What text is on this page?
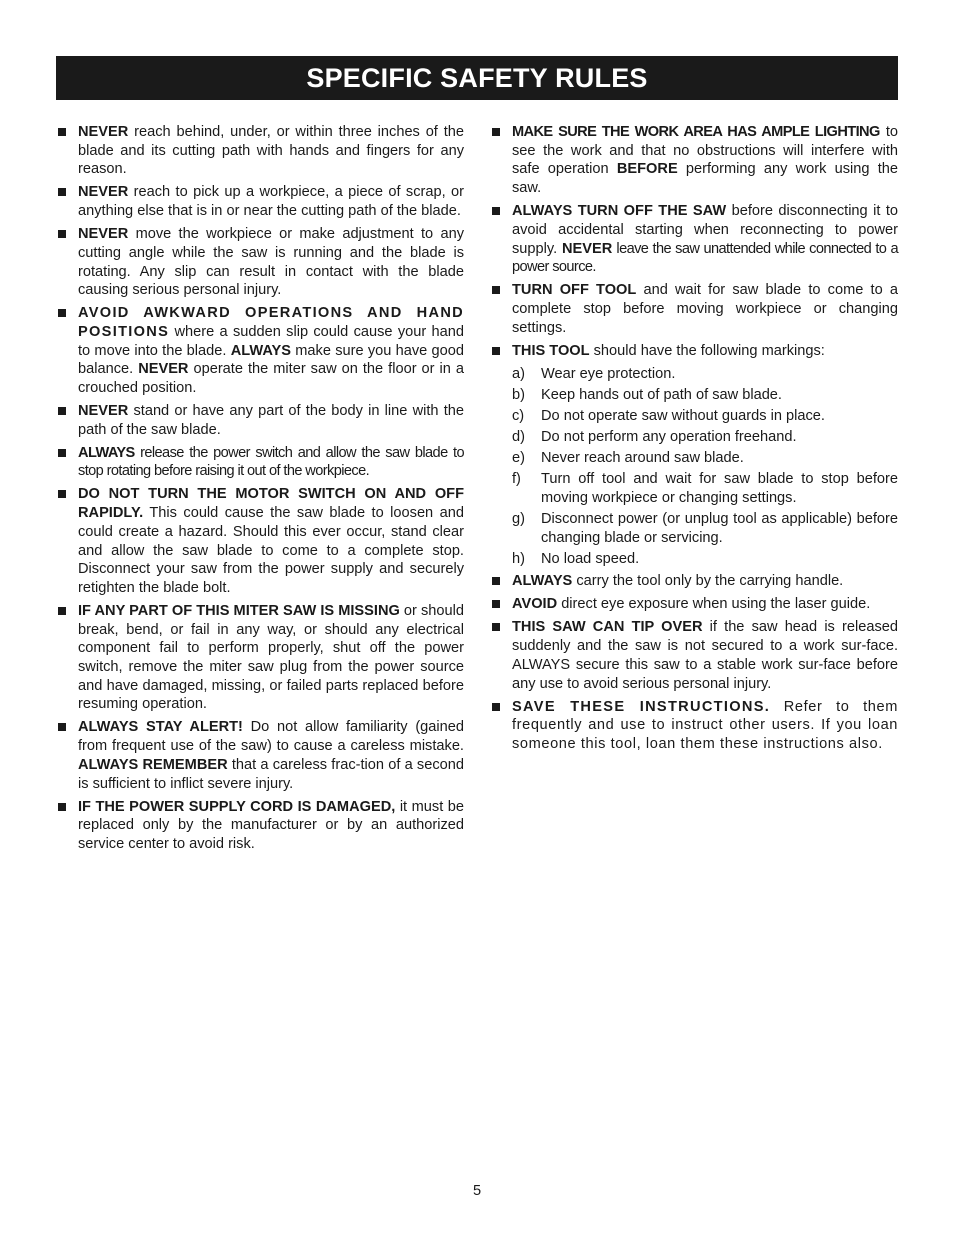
SPECIFIC SAFETY RULES
NEVER reach behind, under, or within three inches of the blade and its cutting path with hands and fingers for any reason.
NEVER reach to pick up a workpiece, a piece of scrap, or anything else that is in or near the cutting path of the blade.
NEVER move the workpiece or make adjustment to any cutting angle while the saw is running and the blade is rotating. Any slip can result in contact with the blade causing serious personal injury.
AVOID AWKWARD OPERATIONS AND HAND POSITIONS where a sudden slip could cause your hand to move into the blade. ALWAYS make sure you have good balance. NEVER operate the miter saw on the floor or in a crouched position.
NEVER stand or have any part of the body in line with the path of the saw blade.
ALWAYS release the power switch and allow the saw blade to stop rotating before raising it out of the workpiece.
DO NOT TURN THE MOTOR SWITCH ON AND OFF RAPIDLY. This could cause the saw blade to loosen and could create a hazard. Should this ever occur, stand clear and allow the saw blade to come to a complete stop. Disconnect your saw from the power supply and securely retighten the blade bolt.
IF ANY PART OF THIS MITER SAW IS MISSING or should break, bend, or fail in any way, or should any electrical component fail to perform properly, shut off the power switch, remove the miter saw plug from the power source and have damaged, missing, or failed parts replaced before resuming operation.
ALWAYS STAY ALERT! Do not allow familiarity (gained from frequent use of the saw) to cause a careless mistake. ALWAYS REMEMBER that a careless frac-tion of a second is sufficient to inflict severe injury.
IF THE POWER SUPPLY CORD IS DAMAGED, it must be replaced only by the manufacturer or by an authorized service center to avoid risk.
MAKE SURE THE WORK AREA HAS AMPLE LIGHTING to see the work and that no obstructions will interfere with safe operation BEFORE performing any work using the saw.
ALWAYS TURN OFF THE SAW before disconnecting it to avoid accidental starting when reconnecting to power supply. NEVER leave the saw unattended while connected to a power source.
TURN OFF TOOL and wait for saw blade to come to a complete stop before moving workpiece or changing settings.
THIS TOOL should have the following markings:
a) Wear eye protection.
b) Keep hands out of path of saw blade.
c) Do not operate saw without guards in place.
d) Do not perform any operation freehand.
e) Never reach around saw blade.
f) Turn off tool and wait for saw blade to stop before moving workpiece or changing settings.
g) Disconnect power (or unplug tool as applicable) before changing blade or servicing.
h) No load speed.
ALWAYS carry the tool only by the carrying handle.
AVOID direct eye exposure when using the laser guide.
THIS SAW CAN TIP OVER if the saw head is released suddenly and the saw is not secured to a work sur-face. ALWAYS secure this saw to a stable work sur-face before any use to avoid serious personal injury.
SAVE THESE INSTRUCTIONS. Refer to them frequently and use to instruct other users. If you loan someone this tool, loan them these instructions also.
5
